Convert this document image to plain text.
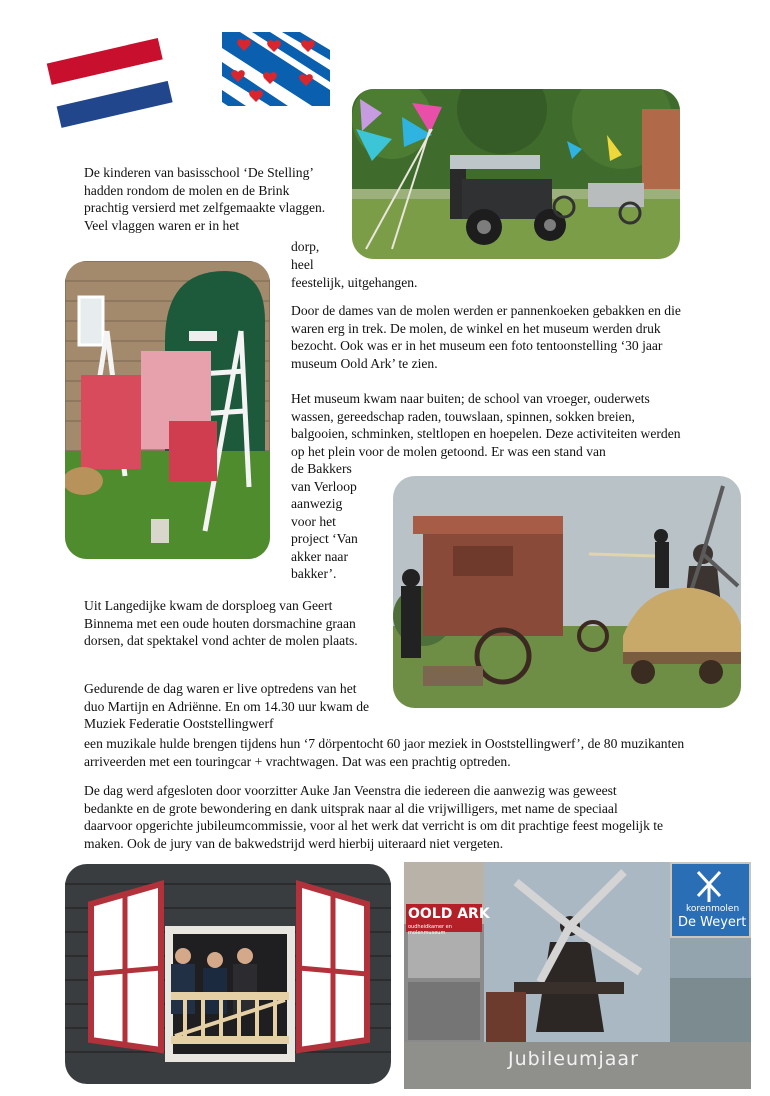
De kinderen van basisschool ‘De Stelling’ hadden rondom de molen en de Brink prachtig versierd met zelfgemaakte vlaggen. Veel vlaggen waren er in het

dorp,

heel

feestelijk, uitgehangen.

Door de dames van de molen werden er pannenkoeken gebakken en die waren erg in trek. De molen, de winkel en het museum werden druk bezocht. Ook was er in het museum een foto tentoonstelling ‘30 jaar museum Oold Ark’ te zien.

Het museum kwam naar buiten; de school van vroeger, ouderwets wassen, gereedschap raden, touwslaan, spinnen, sokken breien, balgooien, schminken, steltlopen en hoepelen. Deze activiteiten werden op het plein voor de molen getoond. Er was een stand van

de Bakkers
van Verloop
aanwezig
voor het
project ‘Van
akker naar
bakker’.

Uit Langedijke kwam de dorsploeg van Geert Binnema met een oude houten dorsmachine graan dorsen, dat spektakel vond achter de molen plaats.

Gedurende de dag waren er live optredens van het duo Martijn en Adriënne. En om 14.30 uur kwam de Muziek Federatie Ooststellingwerf

een muzikale hulde brengen tijdens hun ‘7 dörpentocht 60 jaor meziek in Ooststellingwerf’, de 80 muzikanten arriveerden met een touringcar + vrachtwagen. Dat was een prachtig optreden.

De dag werd afgesloten door voorzitter Auke Jan Veenstra die iedereen die aanwezig was geweest bedankte en de grote bewondering en dank uitsprak naar al die vrijwilligers, met name de speciaal daarvoor opgerichte jubileumcommissie, voor al het werk dat verricht is om dit prachtige feest mogelijk te maken. Ook de jury van de bakwedstrijd werd hierbij uiteraard niet vergeten.

OOLD ARK
oudheidkamer en molenmuseum
korenmolen
De Weyert
Jubileumjaar
